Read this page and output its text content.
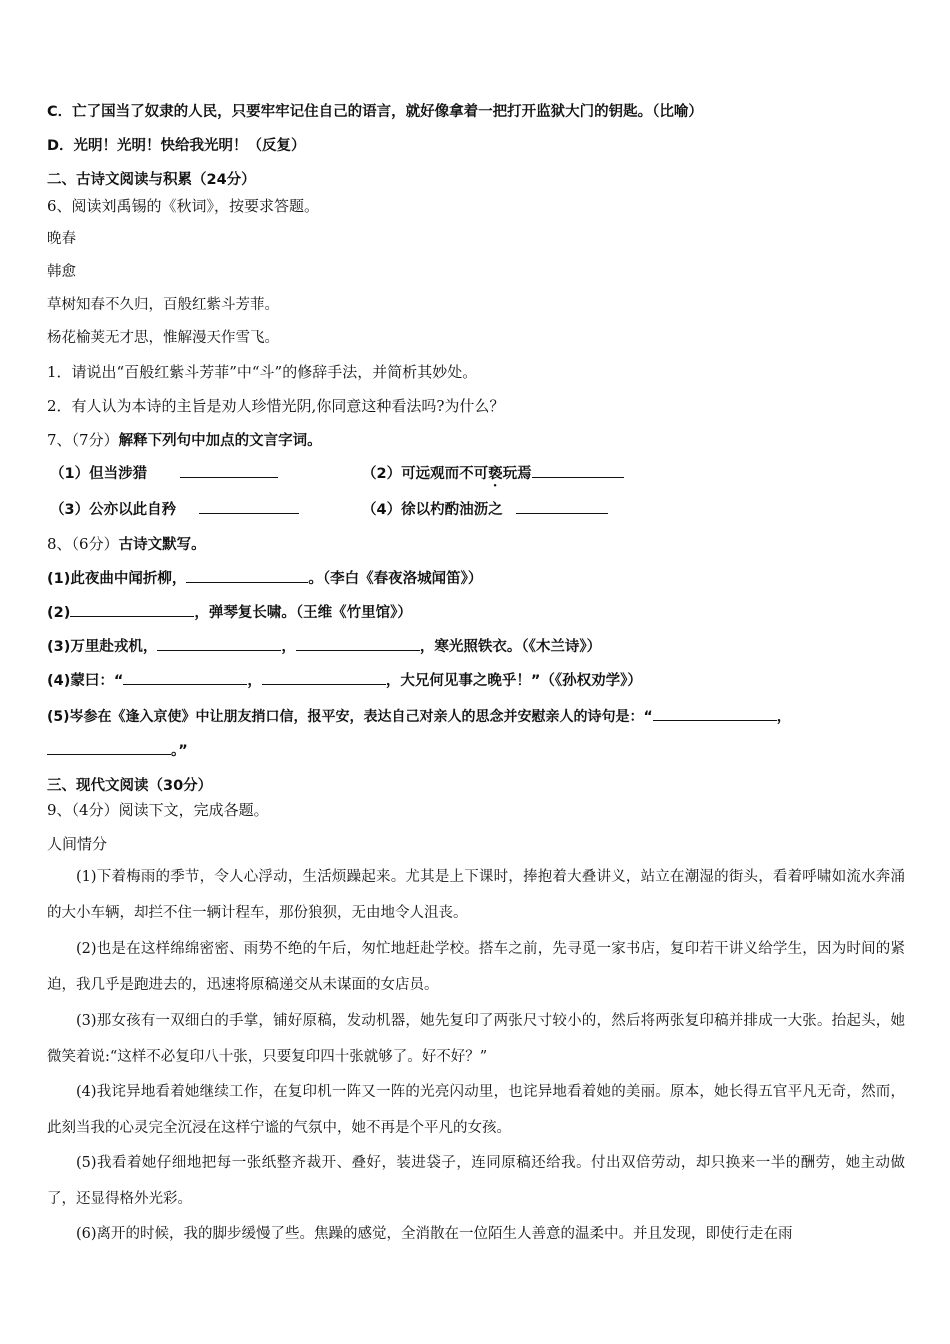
C．亡了国当了奴隶的人民，只要牢牢记住自己的语言，就好像拿着一把打开监狱大门的钥匙。（比喻）
D．光明！光明！快给我光明！（反复）
二、古诗文阅读与积累（24分）
6、阅读刘禹锡的《秋词》，按要求答题。
晚春
韩愈
草树知春不久归，百般红紫斗芳菲。
杨花榆荚无才思，惟解漫天作雪飞。
1．请说出“百般红紫斗芳菲”中“斗”的修辞手法，并简析其妙处。
2．有人认为本诗的主旨是劝人珍惜光阴,你同意这种看法吗?为什么？
7、（7分）解释下列句中加点的文言字词。
（1）但当涉猎	（2）可远观而不可亵玩焉
（3）公亦以此自矜	（4）徐以杓酌油沥之
8、（6分）古诗文默写。
(1)此夜曲中闻折柳，	。（李白《春夜洛城闻笛》）
(2)	，弹琴复长啸。（王维《竹里馆》）
(3)万里赴戎机，	，	，寒光照铁衣。（《木兰诗》）
(4)蒙曰：“	，	，大兄何见事之晚乎！”（《孙权劝学》）
(5)岑参在《逢入京使》中让朋友捎口信，报平安，表达自己对亲人的思念并安慰亲人的诗句是：“	，
。”
三、现代文阅读（30分）
9、（4分）阅读下文，完成各题。
人间情分
(1)下着梅雨的季节，令人心浮动，生活烦躁起来。尤其是上下课时，捧抱着大叠讲义，站立在潮湿的街头，看着呼啸如流水奔涌的大小车辆，却拦不住一辆计程车，那份狼狈，无由地令人沮丧。
(2)也是在这样绵绵密密、雨势不绝的午后，匆忙地赶赴学校。搭车之前，先寻觅一家书店，复印若干讲义给学生，因为时间的紧迫，我几乎是跑进去的，迅速将原稿递交从未谋面的女店员。
(3)那女孩有一双细白的手掌，铺好原稿，发动机器，她先复印了两张尺寸较小的，然后将两张复印稿并排成一大张。抬起头，她微笑着说:“这样不必复印八十张，只要复印四十张就够了。好不好？”
(4)我诧异地看着她继续工作，在复印机一阵又一阵的光亮闪动里，也诧异地看着她的美丽。原本，她长得五官平凡无奇，然而，此刻当我的心灵完全沉浸在这样宁谧的气氛中，她不再是个平凡的女孩。
(5)我看着她仔细地把每一张纸整齐裁开、叠好，装进袋子，连同原稿还给我。付出双倍劳动，却只换来一半的酬劳，她主动做了，还显得格外光彩。
(6)离开的时候，我的脚步缓慢了些。焦躁的感觉，全消散在一位陌生人善意的温柔中。并且发现，即使行走在雨
